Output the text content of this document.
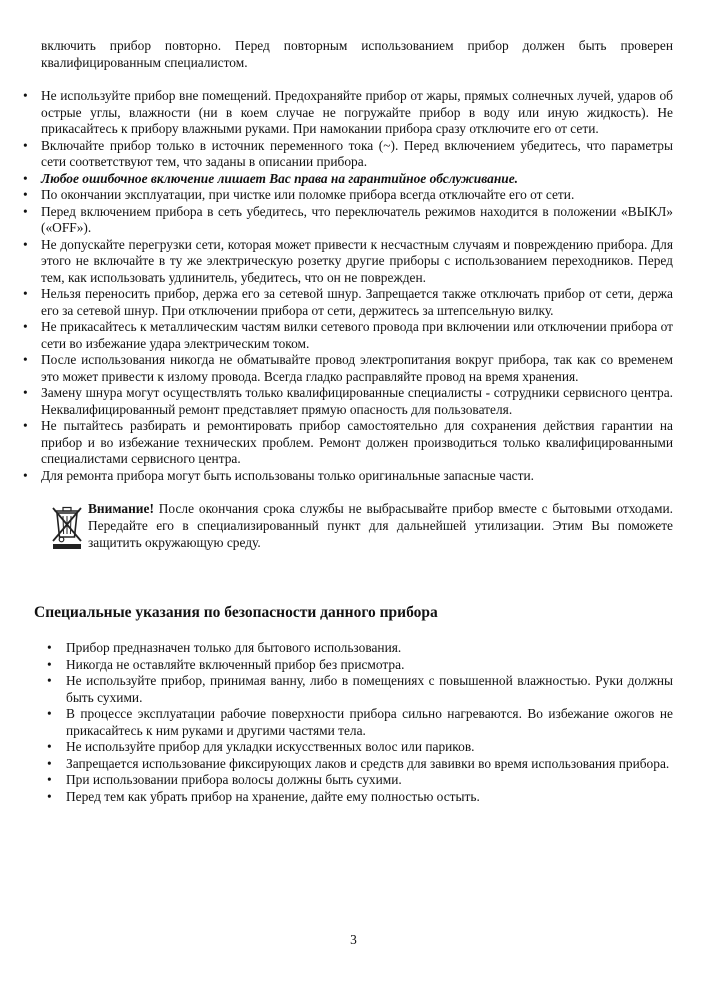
включить прибор повторно. Перед повторным использованием прибор должен быть проверен квалифицированным специалистом.

• Не используйте прибор вне помещений. Предохраняйте прибор от жары, прямых солнечных лучей, ударов об острые углы, влажности (ни в коем случае не погружайте прибор в воду или иную жидкость). Не прикасайтесь к прибору влажными руками. При намокании прибора сразу отключите его от сети.
• Включайте прибор только в источник переменного тока (~). Перед включением убедитесь, что параметры сети соответствуют тем, что заданы в описании прибора.
• Любое ошибочное включение лишает Вас права на гарантийное обслуживание.
• По окончании эксплуатации, при чистке или поломке прибора всегда отключайте его от сети.
• Перед включением прибора в сеть убедитесь, что переключатель режимов находится в положении «ВЫКЛ» («OFF»).
• Не допускайте перегрузки сети, которая может привести к несчастным случаям и повреждению прибора. Для этого не включайте в ту же электрическую розетку другие приборы с использованием переходников. Перед тем, как использовать удлинитель, убедитесь, что он не поврежден.
• Нельзя переносить прибор, держа его за сетевой шнур. Запрещается также отключать прибор от сети, держа его за сетевой шнур. При отключении прибора от сети, держитесь за штепсельную вилку.
• Не прикасайтесь к металлическим частям вилки сетевого провода при включении или отключении прибора от сети во избежание удара электрическим током.
• После использования никогда не обматывайте провод электропитания вокруг прибора, так как со временем это может привести к излому провода. Всегда гладко расправляйте провод на время хранения.
• Замену шнура могут осуществлять только квалифицированные специалисты - сотрудники сервисного центра. Неквалифицированный ремонт представляет прямую опасность для пользователя.
• Не пытайтесь разбирать и ремонтировать прибор самостоятельно для сохранения действия гарантии на прибор и во избежание технических проблем. Ремонт должен производиться только квалифицированными специалистами сервисного центра.
• Для ремонта прибора могут быть использованы только оригинальные запасные части.
Внимание! После окончания срока службы не выбрасывайте прибор вместе с бытовыми отходами. Передайте его в специализированный пункт для дальнейшей утилизации. Этим Вы поможете защитить окружающую среду.
Специальные указания по безопасности данного прибора
• Прибор предназначен только для бытового использования.
• Никогда не оставляйте включенный прибор без присмотра.
• Не используйте прибор, принимая ванну, либо в помещениях с повышенной влажностью. Руки должны быть сухими.
• В процессе эксплуатации рабочие поверхности прибора сильно нагреваются. Во избежание ожогов не прикасайтесь к ним руками и другими частями тела.
• Не используйте прибор для укладки искусственных волос или париков.
• Запрещается использование фиксирующих лаков и средств для завивки во время использования прибора.
• При использовании прибора волосы должны быть сухими.
• Перед тем как убрать прибор на хранение, дайте ему полностью остыть.
3
